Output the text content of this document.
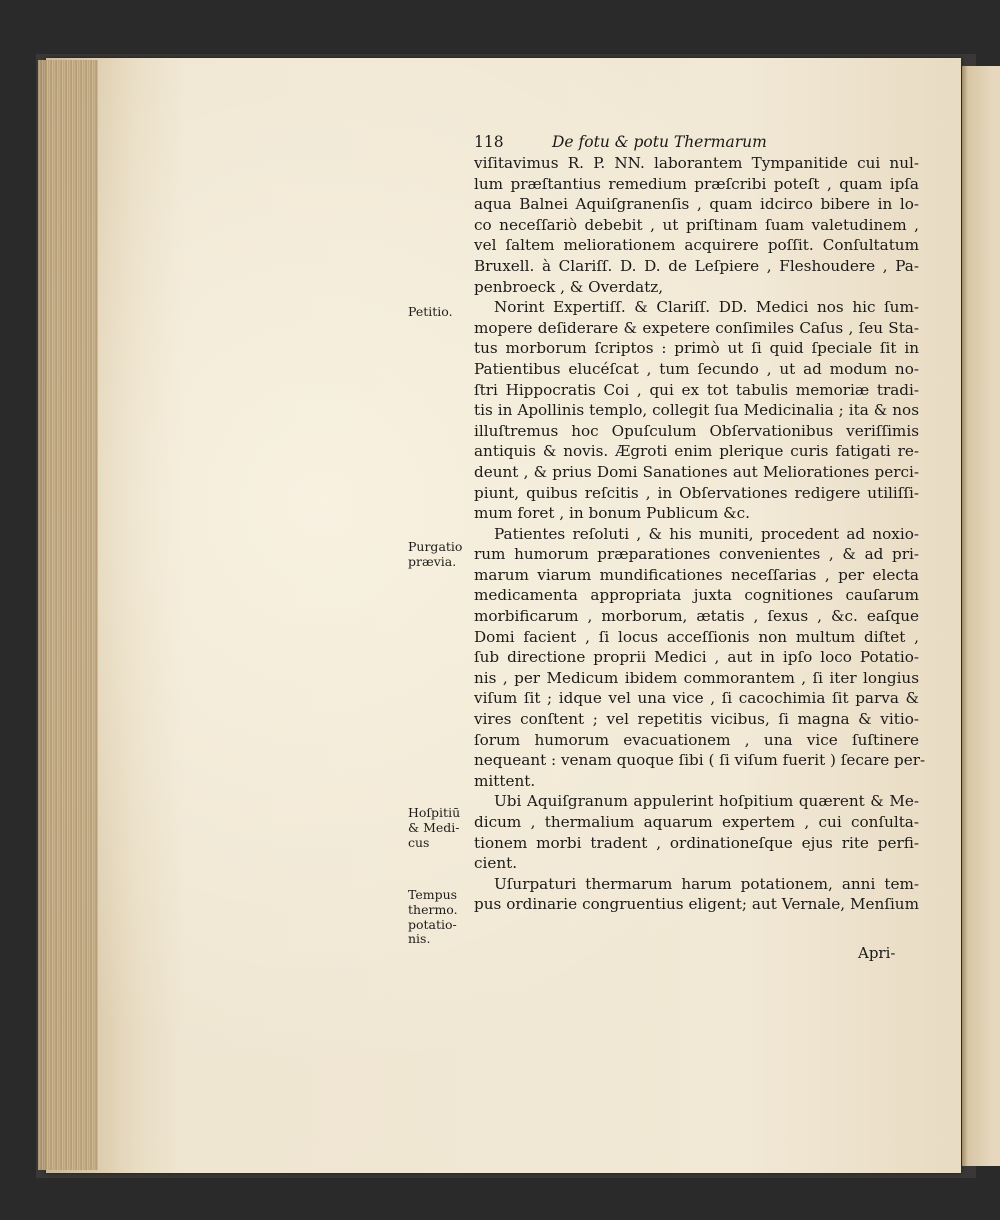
118	De fotu & potu Thermarum
viſitavimus R. P. NN. laborantem Tympanitide cui nul-
lum præſtantius remedium præſcribi poteſt , quam ipſa
aqua Balnei Aquiſgranenſis , quam idcirco bibere in lo-
co neceſſariò debebit , ut priſtinam ſuam valetudinem ,
vel ſaltem meliorationem acquirere poſſit. Conſultatum
Bruxell. à Clariſſ. D. D. de Leſpiere , Fleshoudere , Pa-
penbroeck , & Overdatz,
Norint Expertiſſ. & Clariſſ. DD. Medici nos hic ſum-
mopere deſiderare & expetere conſimiles Caſus , ſeu Sta-
tus morborum ſcriptos : primò ut ſi quid ſpeciale ſit in
Patientibus elucéſcat , tum ſecundo , ut ad modum no-
ſtri Hippocratis Coi , qui ex tot tabulis memoriæ tradi-
tis in Apollinis templo, collegit ſua Medicinalia ; ita & nos
illuſtremus hoc Opuſculum Obſervationibus veriſſimis
antiquis & novis. Ægroti enim plerique curis fatigati re-
deunt , & prius Domi Sanationes aut Meliorationes perci-
piunt, quibus reſcitis , in Obſervationes redigere utiliſſi-
mum foret , in bonum Publicum &c.
Patientes reſoluti , & his muniti, procedent ad noxio-
rum humorum præparationes convenientes , & ad pri-
marum viarum mundificationes neceſſarias , per electa
medicamenta appropriata juxta cognitiones cauſarum
morbificarum , morborum, ætatis , ſexus , &c. eaſque
Domi facient , ſi locus acceſſionis non multum diſtet ,
ſub directione proprii Medici , aut in ipſo loco Potatio-
nis , per Medicum ibidem commorantem , ſi iter longius
viſum ſit ; idque vel una vice , ſi cacochimia ſit parva &
vires conſtent ; vel repetitis vicibus, ſi magna & vitio-
ſorum humorum evacuationem , una vice ſuſtinere
nequeant : venam quoque ſibi ( ſi viſum fuerit ) ſecare per-
mittent.
Ubi Aquiſgranum appulerint hoſpitium quærent & Me-
dicum , thermalium aquarum expertem , cui conſulta-
tionem morbi tradent , ordinationeſque ejus rite perfi-
cient.
Uſurpaturi thermarum harum potationem, anni tem-
pus ordinarie congruentius eligent; aut Vernale, Menſium
Petitio.
Purgatio prævia.
Hoſpitiū & Medi-cus
Tempus thermo. potatio-nis.
Apri-
